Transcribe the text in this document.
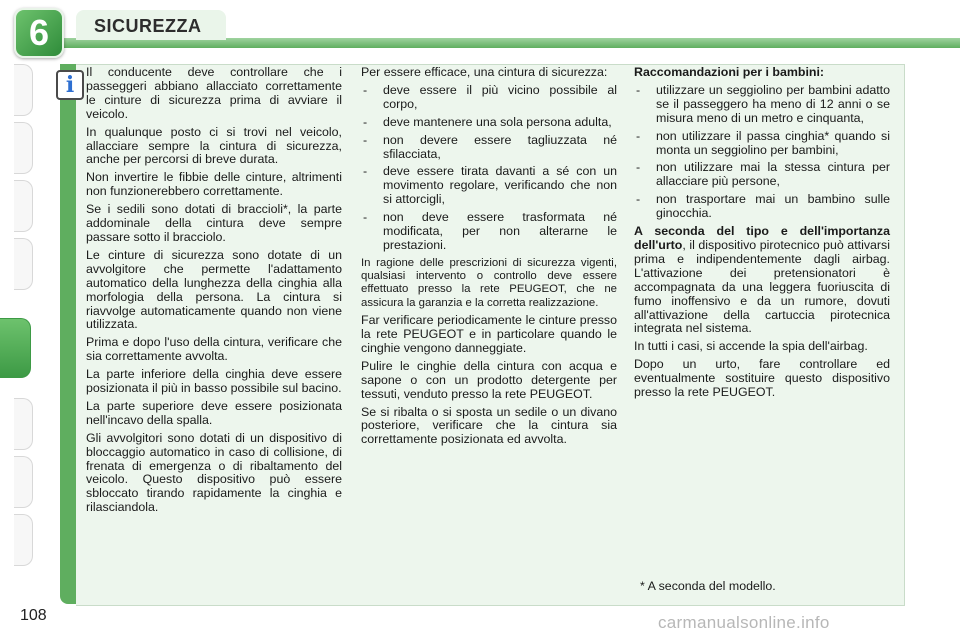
SICUREZZA
6
i Il conducente deve controllare che i passeggeri abbiano allacciato correttamente le cinture di sicurezza prima di avviare il veicolo.

In qualunque posto ci si trovi nel veicolo, allacciare sempre la cintura di sicurezza, anche per percorsi di breve durata.

Non invertire le fibbie delle cinture, altrimenti non funzionerebbero correttamente.

Se i sedili sono dotati di braccioli*, la parte addominale della cintura deve sempre passare sotto il bracciolo.

Le cinture di sicurezza sono dotate di un avvolgitore che permette l'adattamento automatico della lunghezza della cinghia alla morfologia della persona. La cintura si riavvolge automaticamente quando non viene utilizzata.

Prima e dopo l'uso della cintura, verificare che sia correttamente avvolta.

La parte inferiore della cinghia deve essere posizionata il più in basso possibile sul bacino.

La parte superiore deve essere posizionata nell'incavo della spalla.

Gli avvolgitori sono dotati di un dispositivo di bloccaggio automatico in caso di collisione, di frenata di emergenza o di ribaltamento del veicolo. Questo dispositivo può essere sbloccato tirando rapidamente la cinghia e rilasciandola.

Per essere efficace, una cintura di sicurezza:

- deve essere il più vicino possibile al corpo,
- deve mantenere una sola persona adulta,
- non devere essere tagliuzzata né sfilacciata,
- deve essere tirata davanti a sé con un movimento regolare, verificando che non si attorcigli,
- non deve essere trasformata né modificata, per non alterarne le prestazioni.

In ragione delle prescrizioni di sicurezza vigenti, qualsiasi intervento o controllo deve essere effettuato presso la rete PEUGEOT, che ne assicura la garanzia e la corretta realizzazione.

Far verificare periodicamente le cinture presso la rete PEUGEOT e in particolare quando le cinghie vengono danneggiate.

Pulire le cinghie della cintura con acqua e sapone o con un prodotto detergente per tessuti, venduto presso la rete PEUGEOT.

Se si ribalta o si sposta un sedile o un divano posteriore, verificare che la cintura sia correttamente posizionata ed avvolta.

Raccomandazioni per i bambini:

- utilizzare un seggiolino per bambini adatto se il passeggero ha meno di 12 anni o se misura meno di un metro e cinquanta,
- non utilizzare il passa cinghia* quando si monta un seggiolino per bambini,
- non utilizzare mai la stessa cintura per allacciare più persone,
- non trasportare mai un bambino sulle ginocchia.

A seconda del tipo e dell'importanza dell'urto, il dispositivo pirotecnico può attivarsi prima e indipendentemente dagli airbag. L'attivazione dei pretensionatori è accompagnata da una leggera fuoriuscita di fumo inoffensivo e da un rumore, dovuti all'attivazione della cartuccia pirotecnica integrata nel sistema.

In tutti i casi, si accende la spia dell'airbag.

Dopo un urto, fare controllare ed eventualmente sostituire questo dispositivo presso la rete PEUGEOT.

* A seconda del modello.
108	carmanualsonline.info
